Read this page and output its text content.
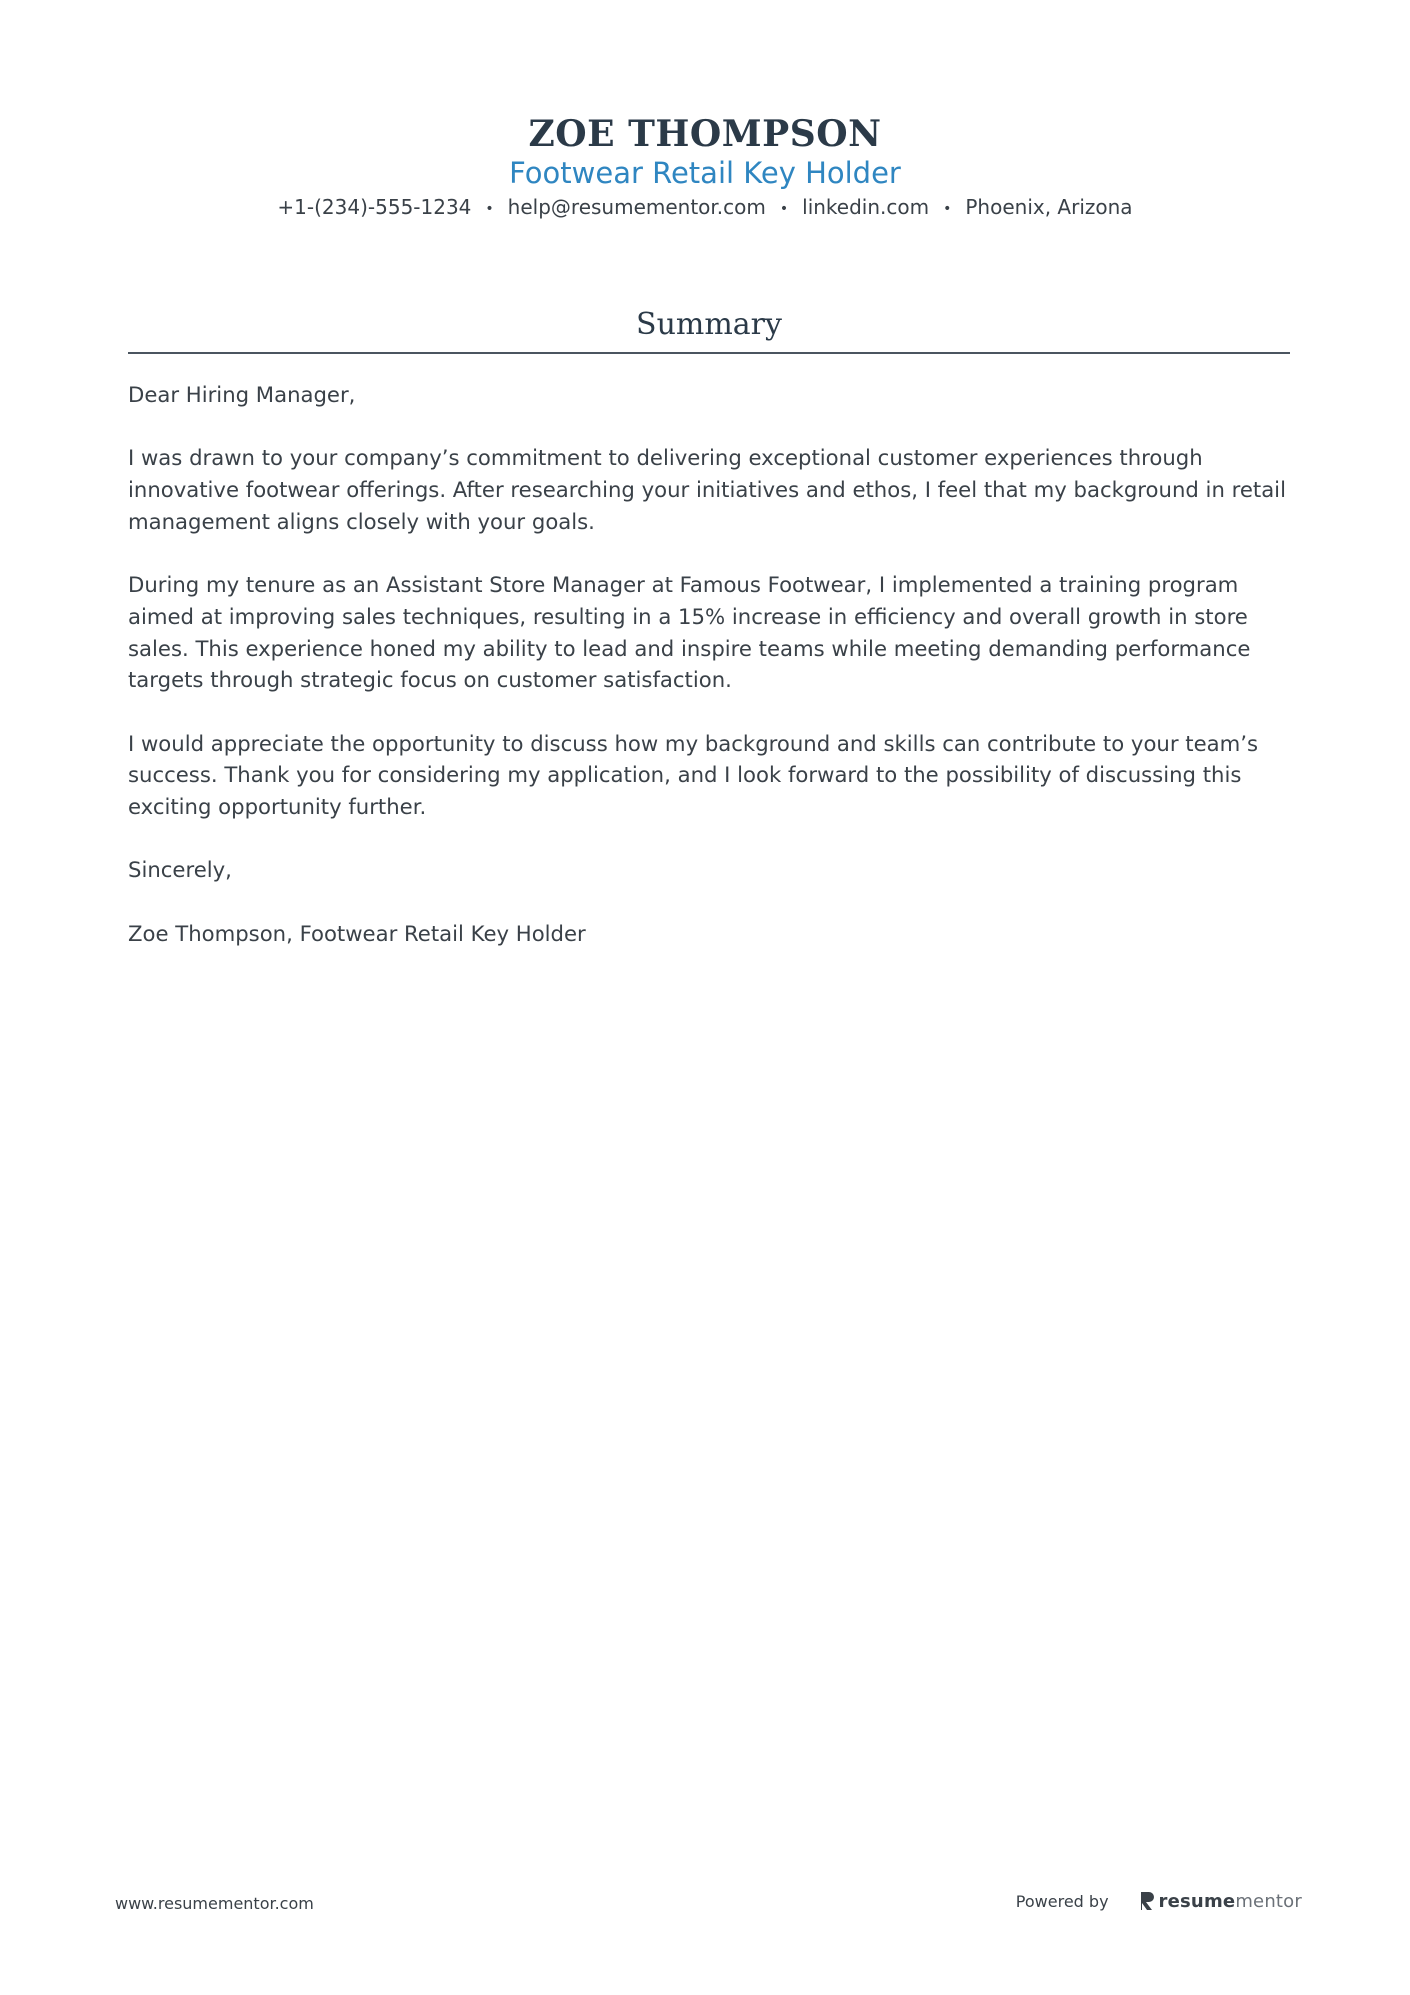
ZOE THOMPSON
Footwear Retail Key Holder
+1-(234)-555-1234 • help@resumementor.com • linkedin.com • Phoenix, Arizona
Summary

Dear Hiring Manager,

I was drawn to your company’s commitment to delivering exceptional customer experiences through innovative footwear offerings. After researching your initiatives and ethos, I feel that my background in retail management aligns closely with your goals.

During my tenure as an Assistant Store Manager at Famous Footwear, I implemented a training program aimed at improving sales techniques, resulting in a 15% increase in efficiency and overall growth in store sales. This experience honed my ability to lead and inspire teams while meeting demanding performance targets through strategic focus on customer satisfaction.

I would appreciate the opportunity to discuss how my background and skills can contribute to your team’s success. Thank you for considering my application, and I look forward to the possibility of discussing this exciting opportunity further.

Sincerely,

Zoe Thompson, Footwear Retail Key Holder

www.resumementor.com	Powered by	resumementor
